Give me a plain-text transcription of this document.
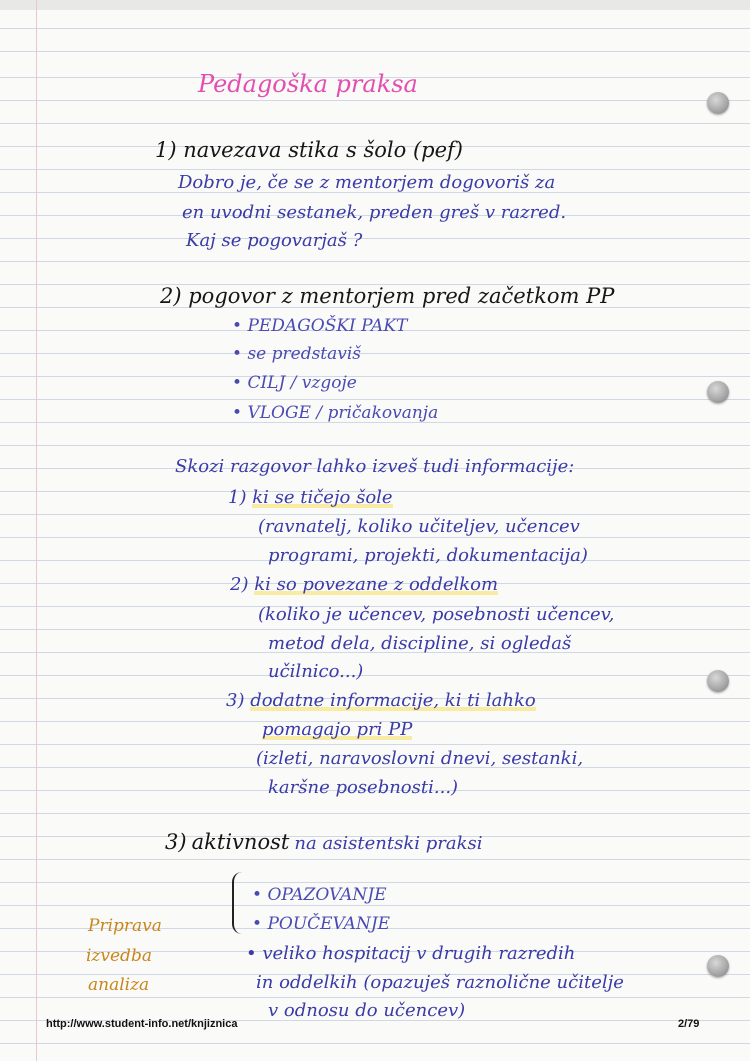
Pedagoška praksa
1) navezava stika s šolo (pef)
Dobro je, če se z mentorjem dogovoriš za
en uvodni sestanek, preden greš v razred.
Kaj se pogovarjaš ?
2) pogovor z mentorjem pred začetkom PP
• PEDAGOŠKI PAKT
• se predstaviš
• CILJ / vzgoje
• VLOGE / pričakovanja
Skozi razgovor lahko izveš tudi informacije:
1) ki se tičejo šole
(ravnatelj, koliko učiteljev, učencev
programi, projekti, dokumentacija)
2) ki so povezane z oddelkom
(koliko je učencev, posebnosti učencev,
metod dela, discipline, si ogledaš
učilnico...)
3) dodatne informacije, ki ti lahko
pomagajo pri PP
(izleti, naravoslovni dnevi, sestanki,
karšne posebnosti...)
3) aktivnost na asistentski praksi
• OPAZOVANJE
• POUČEVANJE
• veliko hospitacij v drugih razredih
in oddelkih (opazuješ raznolične učitelje
v odnosu do učencev)
Priprava
izvedba
analiza
http://www.student-info.net/knjiznica	2/79
